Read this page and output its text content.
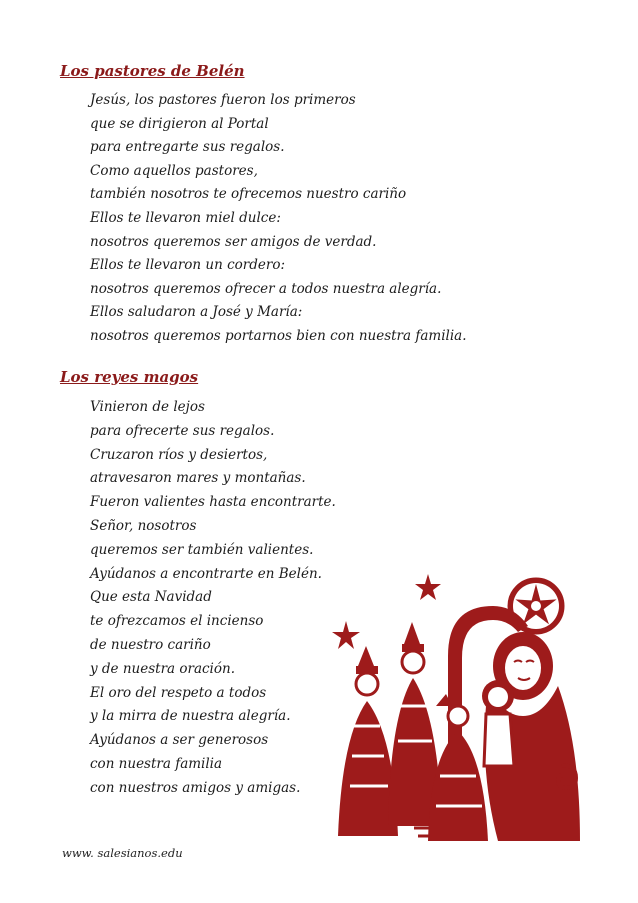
Los pastores de Belén
Jesús, los pastores fueron los primeros
que se dirigieron al Portal
para entregarte sus regalos.
Como aquellos pastores,
también nosotros te ofrecemos nuestro cariño
Ellos te llevaron miel dulce:
nosotros queremos ser amigos de verdad.
Ellos te llevaron un cordero:
nosotros queremos ofrecer a todos nuestra alegría.
Ellos saludaron a José y María:
nosotros queremos portarnos bien con nuestra familia.
Los reyes magos
Vinieron de lejos
para ofrecerte sus regalos.
Cruzaron ríos y desiertos,
atravesaron mares y montañas.
Fueron valientes hasta encontrarte.
Señor, nosotros
queremos ser también valientes.
Ayúdanos a encontrarte en Belén.
Que esta Navidad
te ofrezcamos el incienso
de nuestro cariño
y de nuestra oración.
El oro del respeto a todos
y la mirra de nuestra alegría.
Ayúdanos a ser generosos
con nuestra familia
con nuestros amigos y amigas.
www. salesianos.edu
